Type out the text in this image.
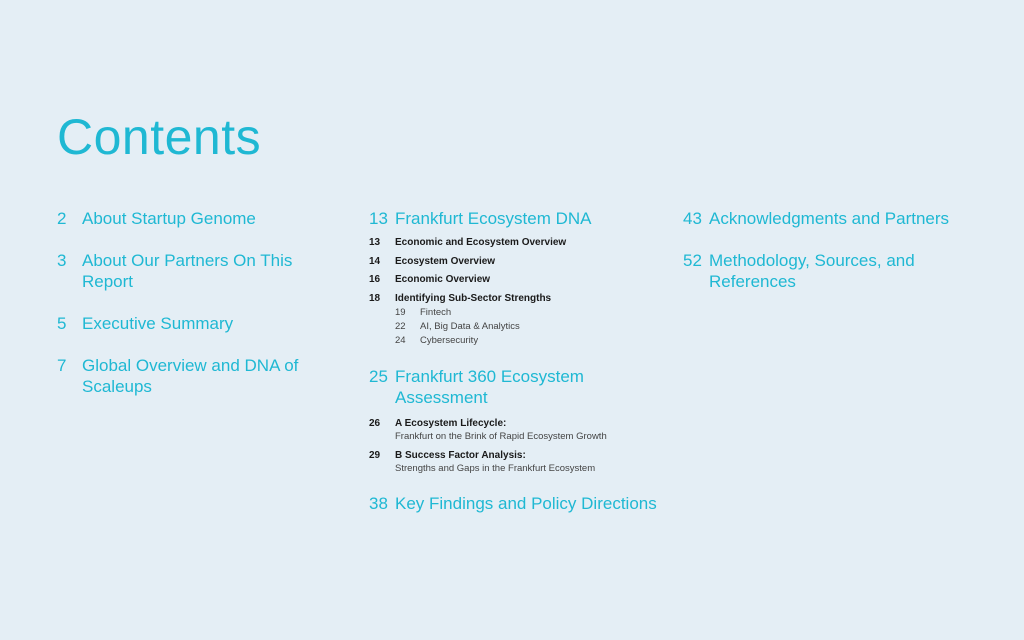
Contents
2 About Startup Genome
3 About Our Partners On This Report
5 Executive Summary
7 Global Overview and DNA of Scaleups
13 Frankfurt Ecosystem DNA
13	Economic and Ecosystem Overview
14	Ecosystem Overview
16	Economic Overview
18	Identifying Sub-Sector Strengths
19	Fintech
22	AI, Big Data & Analytics
24	Cybersecurity
25 Frankfurt 360 Ecosystem Assessment
26	A Ecosystem Lifecycle:
Frankfurt on the Brink of Rapid Ecosystem Growth
29	B Success Factor Analysis:
Strengths and Gaps in the Frankfurt Ecosystem
38 Key Findings and Policy Directions
43 Acknowledgments and Partners
52 Methodology, Sources, and References
